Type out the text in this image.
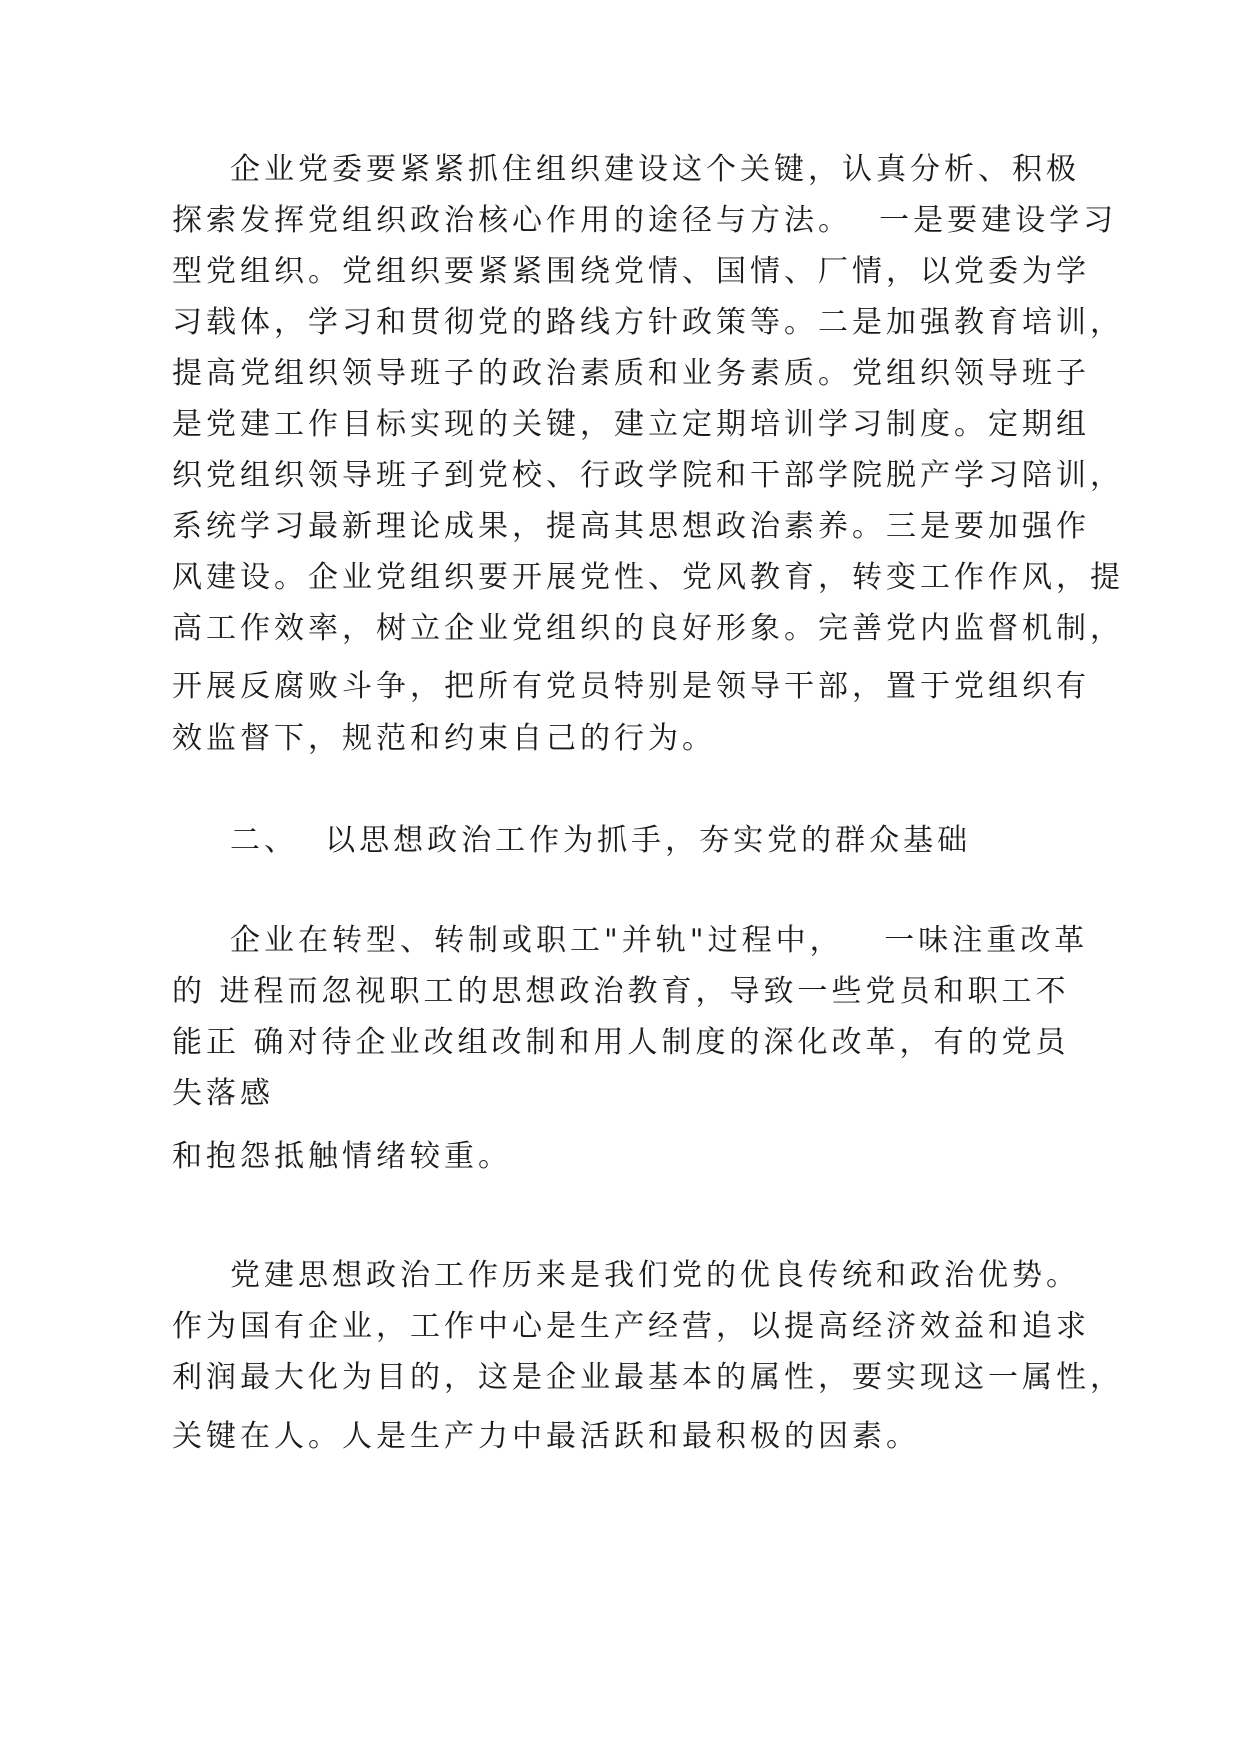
企业党委要紧紧抓住组织建设这个关键，认真分析、积极
探索发挥党组织政治核心作用的途径与方法。  一是要建设学习
型党组织。党组织要紧紧围绕党情、国情、厂情，以党委为学
习载体，学习和贯彻党的路线方针政策等。二是加强教育培训，
提高党组织领导班子的政治素质和业务素质。党组织领导班子
是党建工作目标实现的关键，建立定期培训学习制度。定期组
织党组织领导班子到党校、行政学院和干部学院脱产学习陪训，
系统学习最新理论成果，提高其思想政治素养。三是要加强作
风建设。企业党组织要开展党性、党风教育，转变工作作风，提
高工作效率，树立企业党组织的良好形象。完善党内监督机制，
开展反腐败斗争，把所有党员特别是领导干部，置于党组织有
效监督下，规范和约束自己的行为。
二、  以思想政治工作为抓手，夯实党的群众基础
企业在转型、转制或职工"并轨"过程中，   一味注重改革
的 进程而忽视职工的思想政治教育，导致一些党员和职工不
能正 确对待企业改组改制和用人制度的深化改革，有的党员
失落感
和抱怨抵触情绪较重。
党建思想政治工作历来是我们党的优良传统和政治优势。
作为国有企业，工作中心是生产经营，以提高经济效益和追求
利润最大化为目的，这是企业最基本的属性，要实现这一属性，
关键在人。人是生产力中最活跃和最积极的因素。
